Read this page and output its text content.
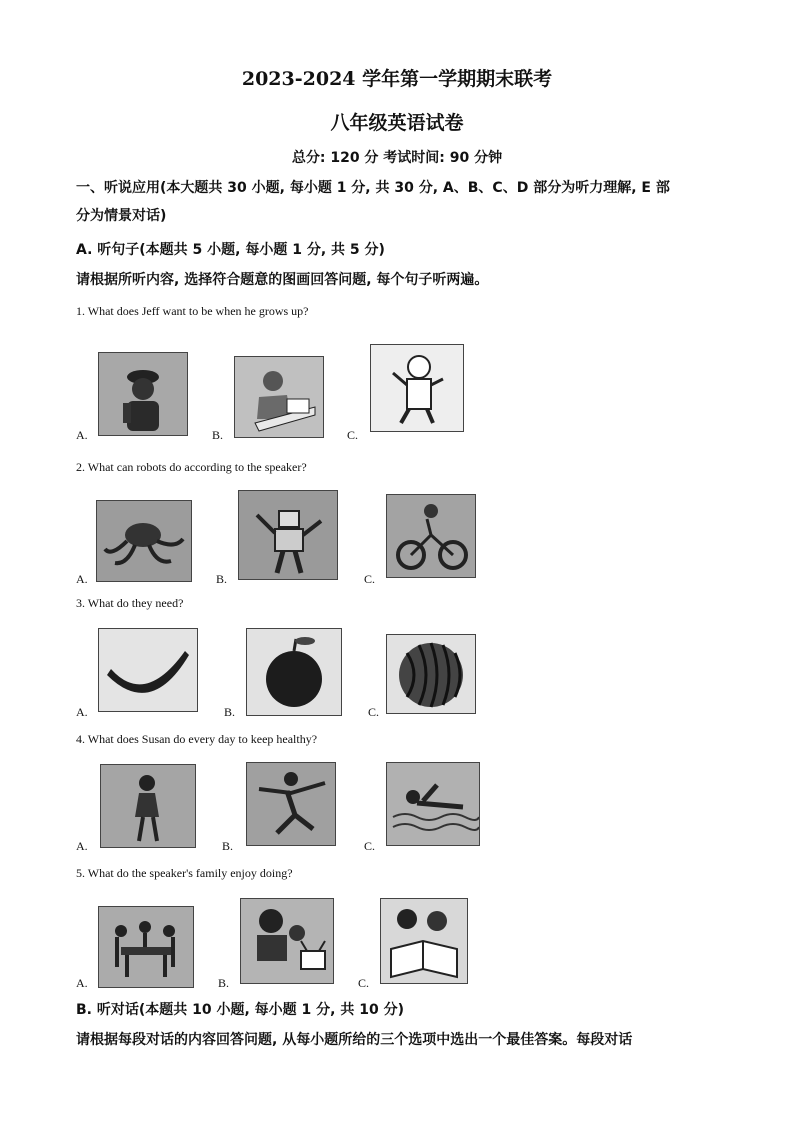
2023-2024 学年第一学期期末联考
八年级英语试卷
总分: 120 分 考试时间: 90 分钟
一、听说应用(本大题共 30 小题, 每小题 1 分, 共 30 分, A、B、C、D 部分为听力理解, E 部
分为情景对话)
A. 听句子(本题共 5 小题, 每小题 1 分, 共 5 分)
请根据所听内容, 选择符合题意的图画回答问题, 每个句子听两遍。
1. What does Jeff want to be when he grows up?
A.	B.	C.
2. What can robots do according to the speaker?
A.	B.	C.
3. What do they need?
A.	B.	C.
4. What does Susan do every day to keep healthy?
A.	B.	C.
5. What do the speaker's family enjoy doing?
A.	B.	C.
B. 听对话(本题共 10 小题, 每小题 1 分, 共 10 分)
请根据每段对话的内容回答问题, 从每小题所给的三个选项中选出一个最佳答案。每段对话
